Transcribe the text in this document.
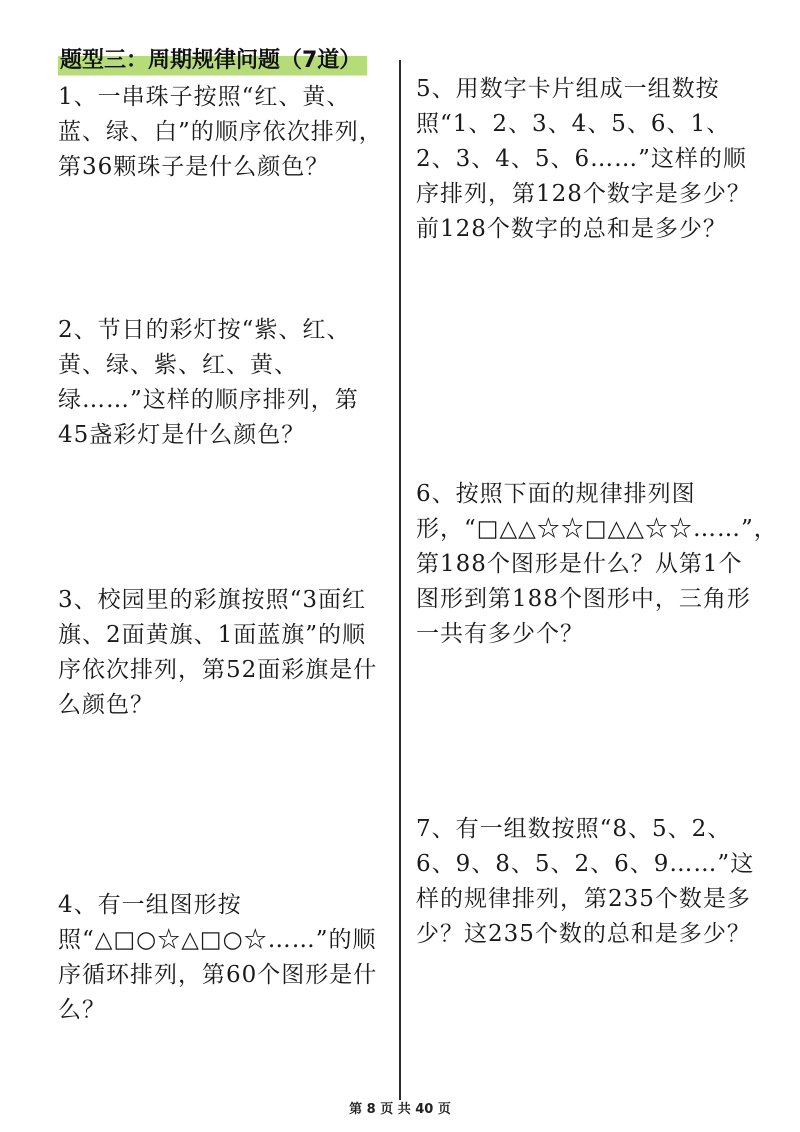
题型三：周期规律问题（7道）
1、一串珠子按照“红、黄、蓝、绿、白”的顺序依次排列，第36颗珠子是什么颜色？
2、节日的彩灯按“紫、红、黄、绿、紫、红、黄、绿……”这样的顺序排列，第45盏彩灯是什么颜色？
3、校园里的彩旗按照“3面红旗、2面黄旗、1面蓝旗”的顺序依次排列，第52面彩旗是什么颜色？
4、有一组图形按照“△□○☆△□○☆……”的顺序循环排列，第60个图形是什么？
5、用数字卡片组成一组数按照“1、2、3、4、5、6、1、2、3、4、5、6……”这样的顺序排列，第128个数字是多少？前128个数字的总和是多少？
6、按照下面的规律排列图形，“□△△☆☆□△△☆☆……”，第188个图形是什么？从第1个图形到第188个图形中，三角形一共有多少个？
7、有一组数按照“8、5、2、6、9、8、5、2、6、9……”这样的规律排列，第235个数是多少？这235个数的总和是多少？
第 8 页 共 40 页
